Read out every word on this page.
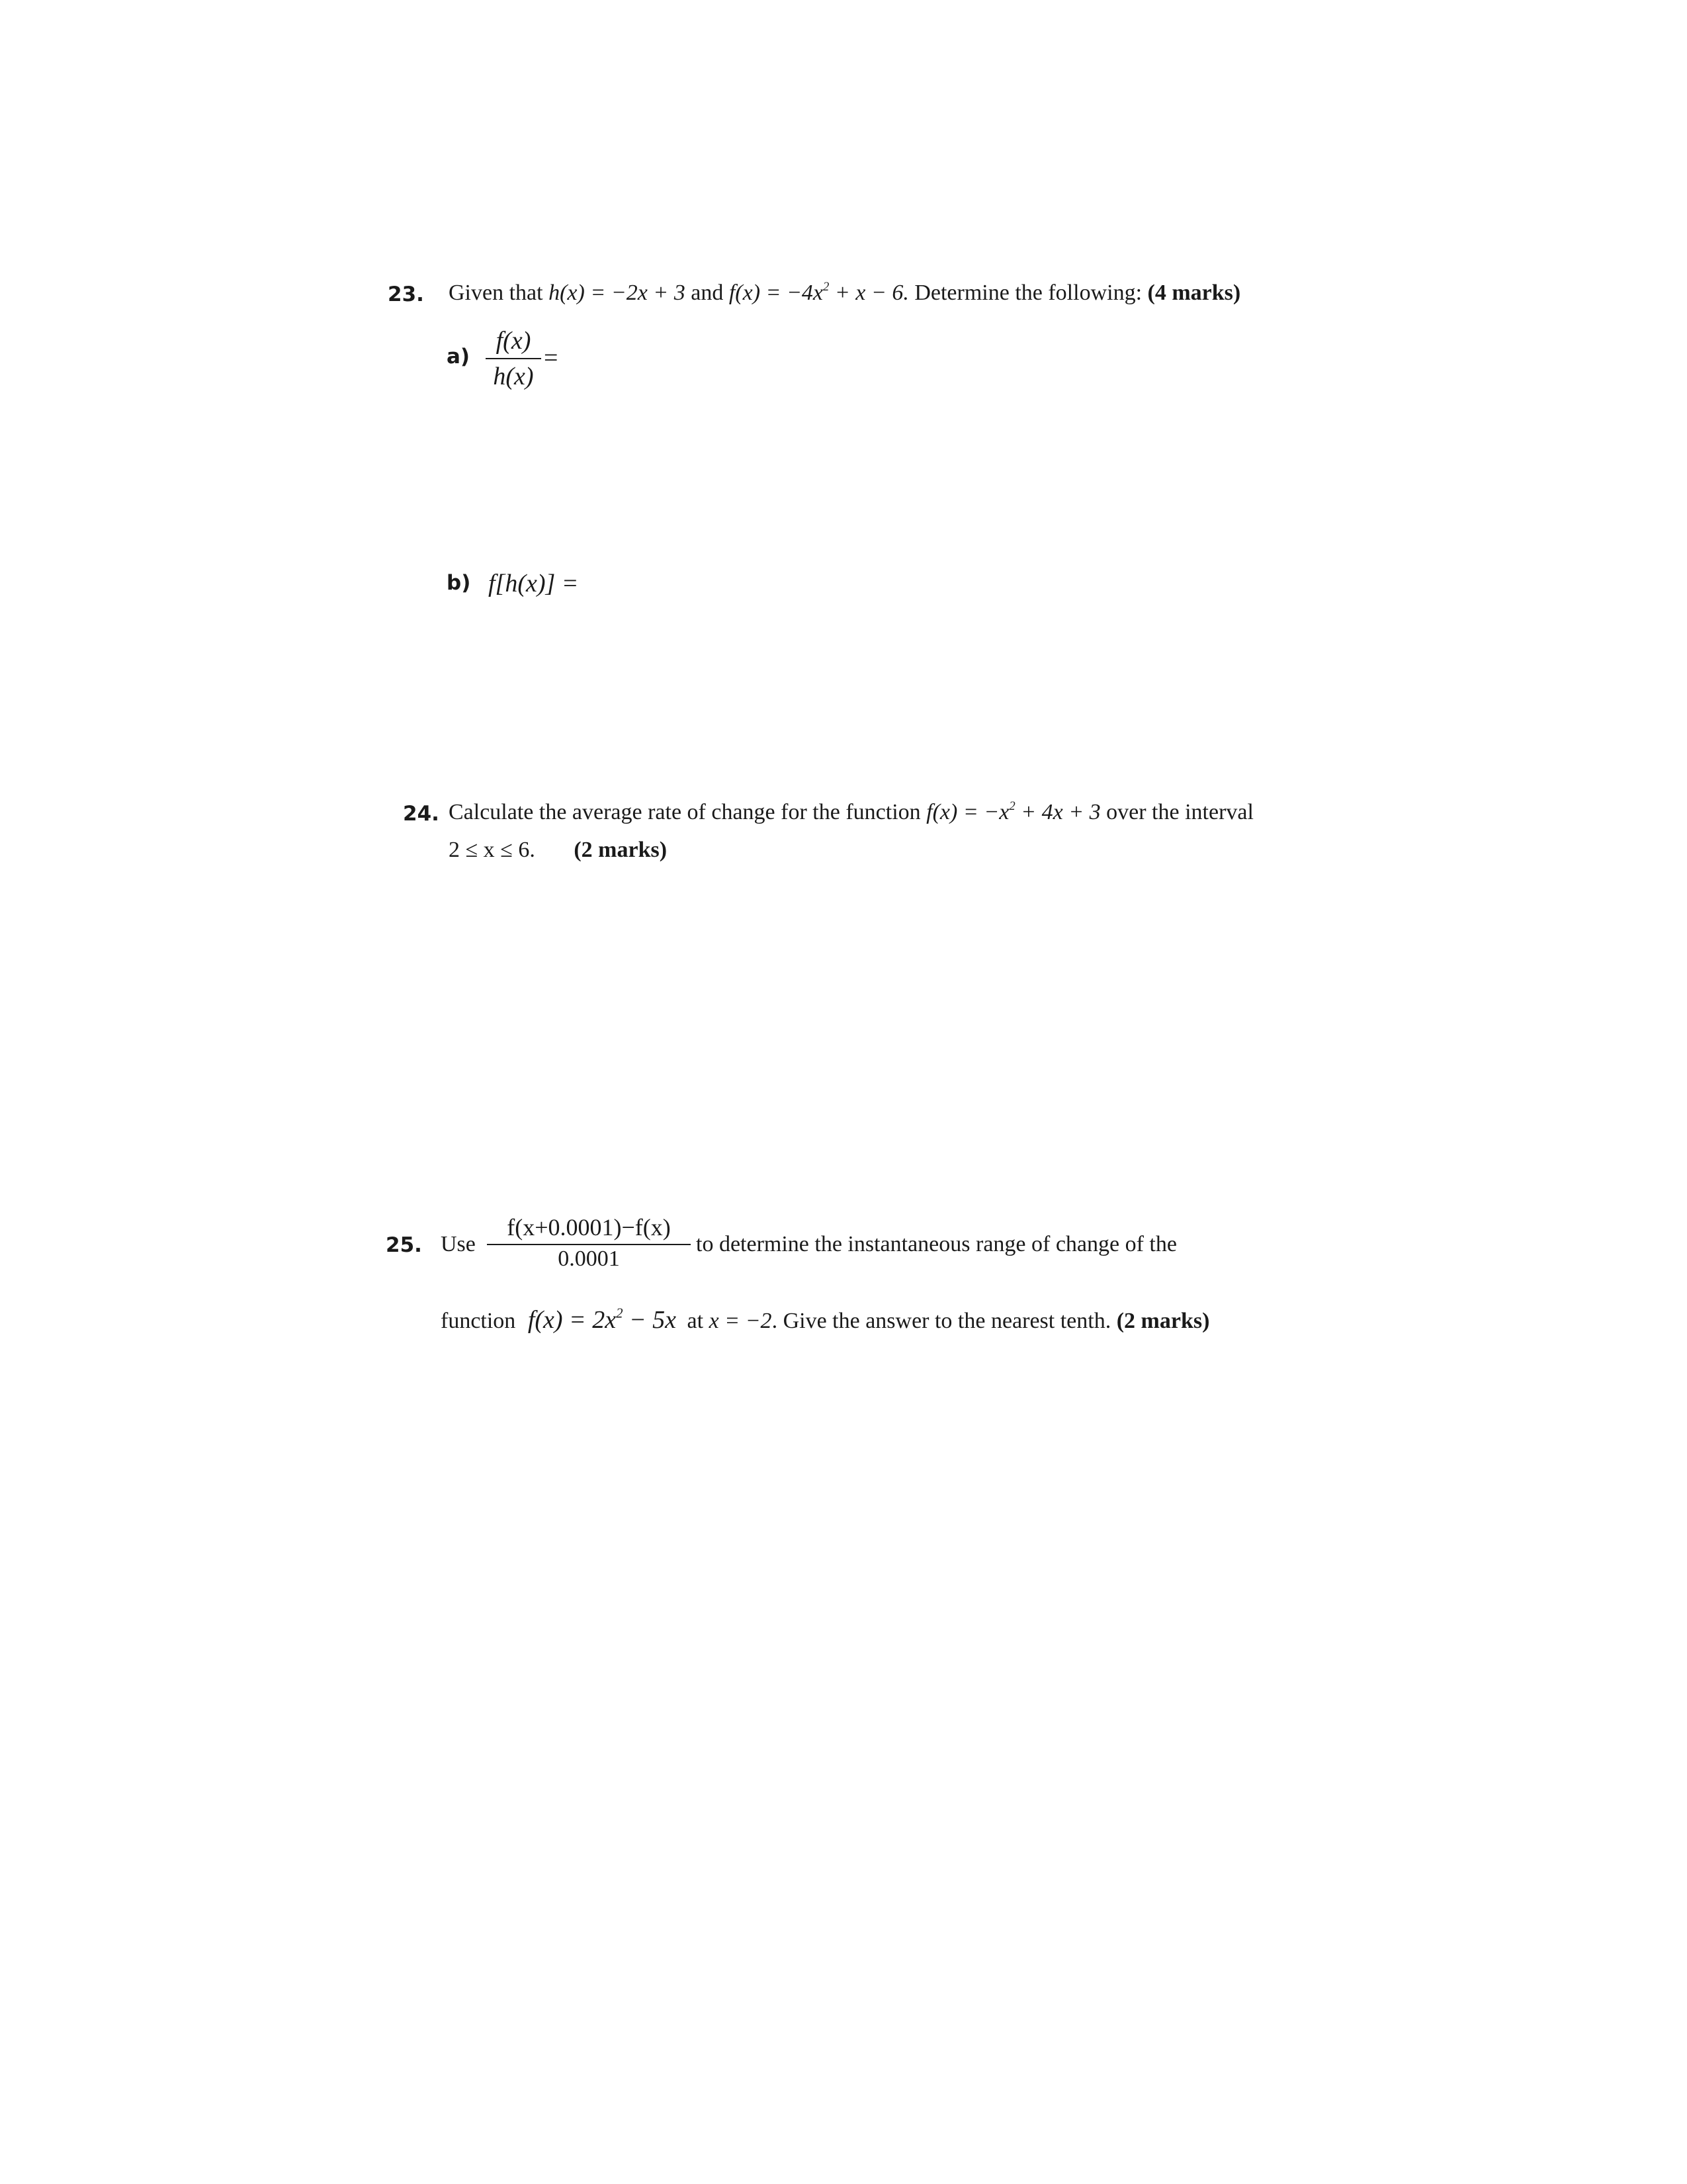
23. Given that h(x) = −2x + 3 and $f(x) = -4x^2 + x - 6$. Determine the following: (4 marks)
a)
f(x)
h(x)
=
b) f[h(x)] =
24. Calculate the average rate of change for the function $f(x) = -x^2 + 4x + 3$ over the interval
2 ≤ x ≤ 6. (2 marks)
25. Use
f(x+0.0001)−f(x)
0.0001
to determine the instantaneous range of change of the
function $f(x) = 2x^2 - 5x$ at x = −2. Give the answer to the nearest tenth. (2 marks)
